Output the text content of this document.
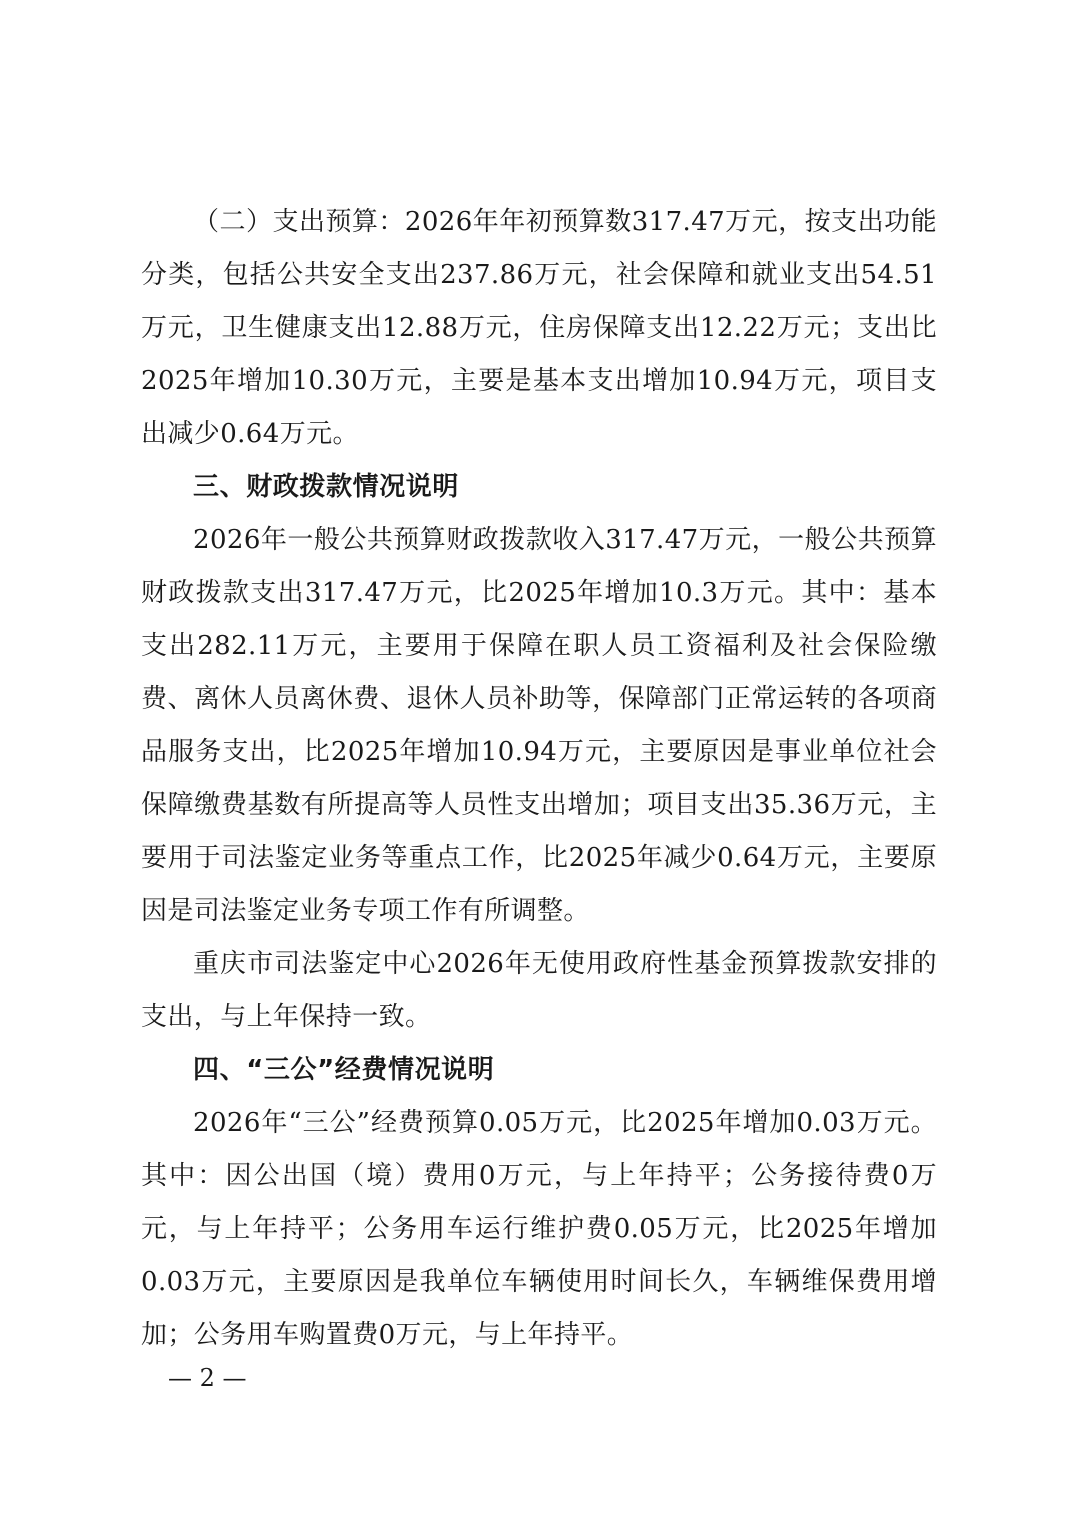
（二）支出预算：2026年年初预算数317.47万元，按支出功能分类，包括公共安全支出237.86万元，社会保障和就业支出54.51万元，卫生健康支出12.88万元，住房保障支出12.22万元；支出比2025年增加10.30万元，主要是基本支出增加10.94万元，项目支出减少0.64万元。

三、财政拨款情况说明

2026年一般公共预算财政拨款收入317.47万元，一般公共预算财政拨款支出317.47万元，比2025年增加10.3万元。其中：基本支出282.11万元，主要用于保障在职人员工资福利及社会保险缴费、离休人员离休费、退休人员补助等，保障部门正常运转的各项商品服务支出，比2025年增加10.94万元，主要原因是事业单位社会保障缴费基数有所提高等人员性支出增加；项目支出35.36万元，主要用于司法鉴定业务等重点工作，比2025年减少0.64万元，主要原因是司法鉴定业务专项工作有所调整。

重庆市司法鉴定中心2026年无使用政府性基金预算拨款安排的支出，与上年保持一致。

四、“三公”经费情况说明

2026年“三公”经费预算0.05万元，比2025年增加0.03万元。其中：因公出国（境）费用0万元，与上年持平；公务接待费0万元，与上年持平；公务用车运行维护费0.05万元，比2025年增加0.03万元，主要原因是我单位车辆使用时间长久，车辆维保费用增加；公务用车购置费0万元，与上年持平。

— 2 —
